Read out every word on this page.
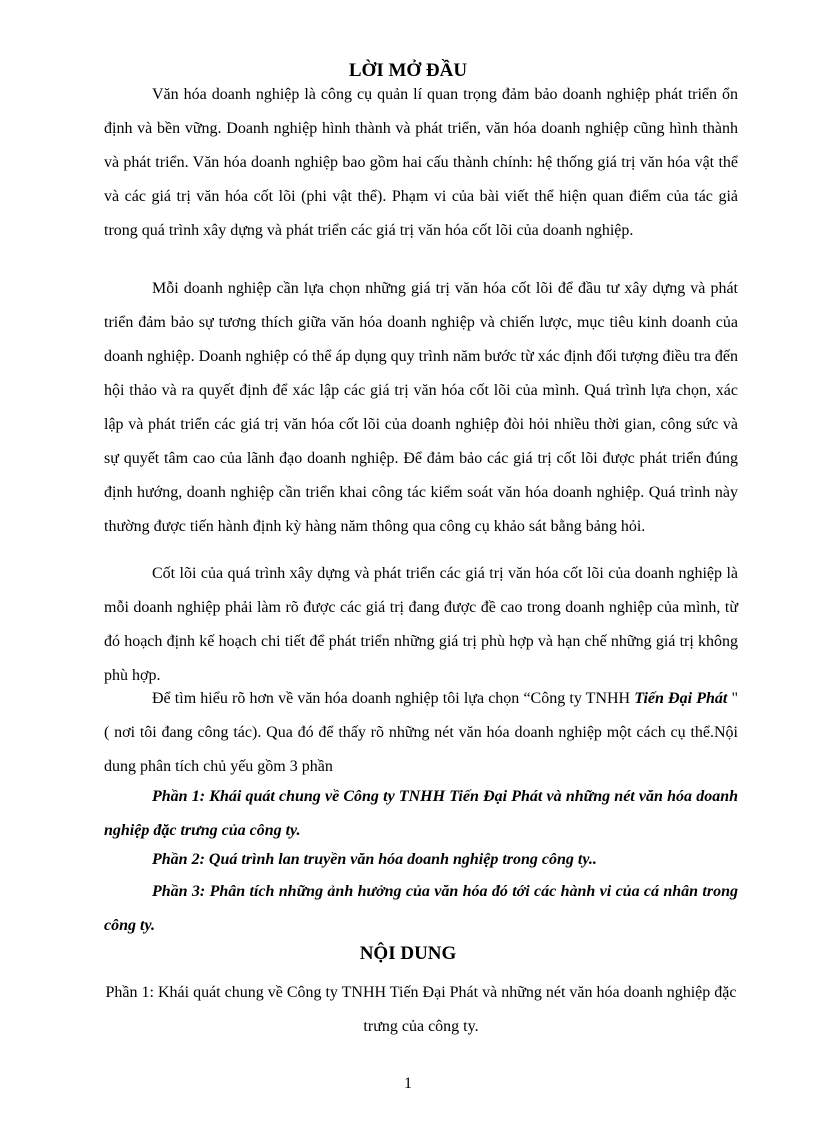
LỜI MỞ ĐẦU

Văn hóa doanh nghiệp là công cụ quản lí quan trọng đảm bảo doanh nghiệp phát triển ổn định và bền vững. Doanh nghiệp hình thành và phát triển, văn hóa doanh nghiệp cũng hình thành và phát triển. Văn hóa doanh nghiệp bao gồm hai cấu thành chính: hệ thống giá trị văn hóa vật thể và các giá trị văn hóa cốt lõi (phi vật thể). Phạm vi của bài viết thể hiện quan điểm của tác giả trong quá trình xây dựng và phát triển các giá trị văn hóa cốt lõi của doanh nghiệp.

Mỗi doanh nghiệp cần lựa chọn những giá trị văn hóa cốt lõi để đầu tư xây dựng và phát triển đảm bảo sự tương thích giữa văn hóa doanh nghiệp và chiến lược, mục tiêu kinh doanh của doanh nghiệp. Doanh nghiệp có thể áp dụng quy trình năm bước từ xác định đối tượng điều tra đến hội thảo và ra quyết định để xác lập các giá trị văn hóa cốt lõi của mình. Quá trình lựa chọn, xác lập và phát triển các giá trị văn hóa cốt lõi của doanh nghiệp đòi hỏi nhiều thời gian, công sức và sự quyết tâm cao của lãnh đạo doanh nghiệp. Để đảm bảo các giá trị cốt lõi được phát triển đúng định hướng, doanh nghiệp cần triển khai công tác kiểm soát văn hóa doanh nghiệp. Quá trình này thường được tiến hành định kỳ hàng năm thông qua công cụ khảo sát bằng bảng hỏi.

Cốt lõi của quá trình xây dựng và phát triển các giá trị văn hóa cốt lõi của doanh nghiệp là mỗi doanh nghiệp phải làm rõ được các giá trị đang được đề cao trong doanh nghiệp của mình, từ đó hoạch định kế hoạch chi tiết để phát triển những giá trị phù hợp và hạn chế những giá trị không phù hợp.

Để tìm hiểu rõ hơn về văn hóa doanh nghiệp tôi lựa chọn “Công ty TNHH Tiến Đại Phát "( nơi tôi đang công tác). Qua đó để thấy rõ những nét văn hóa doanh nghiệp một cách cụ thể.Nội dung phân tích chủ yếu gồm 3 phần

Phần 1: Khái quát chung về Công ty TNHH Tiến Đại Phát và những nét văn hóa doanh nghiệp đặc trưng của công ty.

Phần 2: Quá trình lan truyền văn hóa doanh nghiệp trong công ty..

Phần 3: Phân tích những ảnh hưởng của văn hóa đó tới các hành vi của cá nhân trong công ty.

NỘI DUNG

Phần 1: Khái quát chung về Công ty TNHH Tiến Đại Phát và những nét văn hóa doanh nghiệp đặc trưng của công ty.

1
